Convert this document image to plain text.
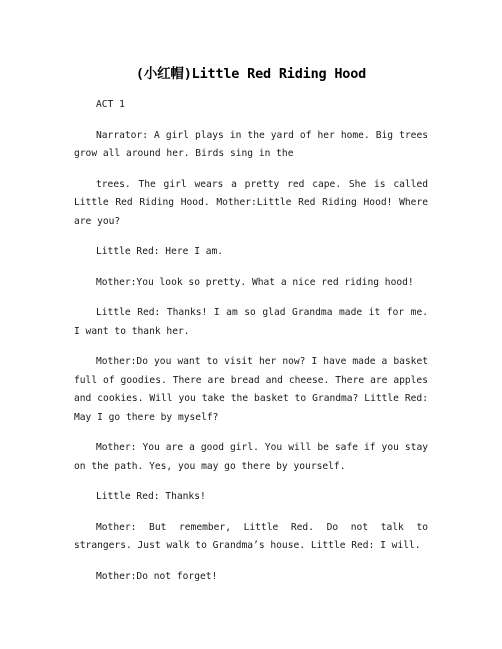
(小红帽)Little Red Riding Hood

ACT 1

Narrator: A girl plays in the yard of her home. Big trees grow all around her. Birds sing in the

trees. The girl wears a pretty red cape. She is called Little Red Riding Hood. Mother:Little Red Riding Hood! Where are you?

Little Red: Here I am.

Mother:You look so pretty. What a nice red riding hood!

Little Red: Thanks! I am so glad Grandma made it for me. I want to thank her.

Mother:Do you want to visit her now? I have made a basket full of goodies. There are bread and cheese. There are apples and cookies. Will you take the basket to Grandma? Little Red: May I go there by myself?

Mother: You are a good girl. You will be safe if you stay on the path. Yes, you may go there by yourself.

Little Red: Thanks!

Mother: But remember, Little Red. Do not talk to strangers. Just walk to Grandma’s house. Little Red: I will.

Mother:Do not forget!
